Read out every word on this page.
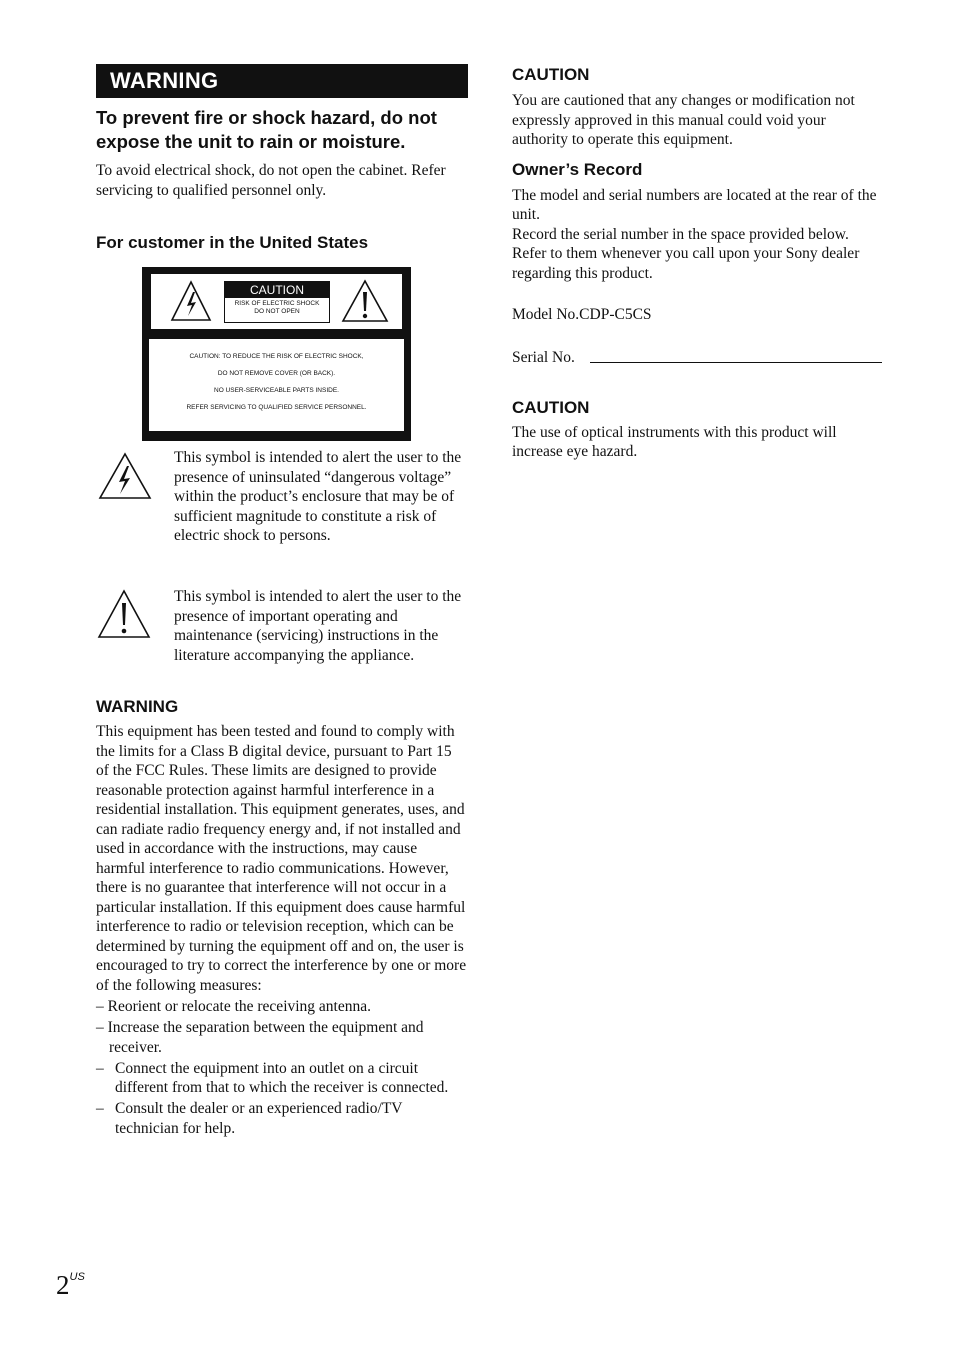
WARNING
To prevent fire or shock hazard, do not expose the unit to rain or moisture.

To avoid electrical shock, do not open the cabinet. Refer servicing to qualified personnel only.

For customer in the United States
CAUTION
RISK OF ELECTRIC SHOCK
DO NOT OPEN
CAUTION: TO REDUCE THE RISK OF ELECTRIC SHOCK,
DO NOT REMOVE COVER (OR BACK).
NO USER-SERVICEABLE PARTS INSIDE.
REFER SERVICING TO QUALIFIED SERVICE PERSONNEL.

This symbol is intended to alert the user to the presence of uninsulated “dangerous voltage” within the product’s enclosure that may be of sufficient magnitude to constitute a risk of electric shock to persons.

This symbol is intended to alert the user to the presence of important operating and maintenance (servicing) instructions in the literature accompanying the appliance.

WARNING

This equipment has been tested and found to comply with the limits for a Class B digital device, pursuant to Part 15 of the FCC Rules. These limits are designed to provide reasonable protection against harmful interference in a residential installation. This equipment generates, uses, and can radiate radio frequency energy and, if not installed and used in accordance with the instructions, may cause harmful interference to radio communications. However, there is no guarantee that interference will not occur in a particular installation. If this equipment does cause harmful interference to radio or television reception, which can be determined by turning the equipment off and on, the user is encouraged to try to correct the interference by one or more of the following measures:

– Reorient or relocate the receiving antenna.
– Increase the separation between the equipment and receiver.
– Connect the equipment into an outlet on a circuit different from that to which the receiver is connected.
– Consult the dealer or an experienced radio/TV technician for help.
CAUTION

You are cautioned that any changes or modification not expressly approved in this manual could void your authority to operate this equipment.

Owner’s Record

The model and serial numbers are located at the rear of the unit.

Record the serial number in the space provided below. Refer to them whenever you call upon your Sony dealer regarding this product.

Model No.CDP-C5CS

Serial No.
CAUTION

The use of optical instruments with this product will increase eye hazard.

$2^{US}$
